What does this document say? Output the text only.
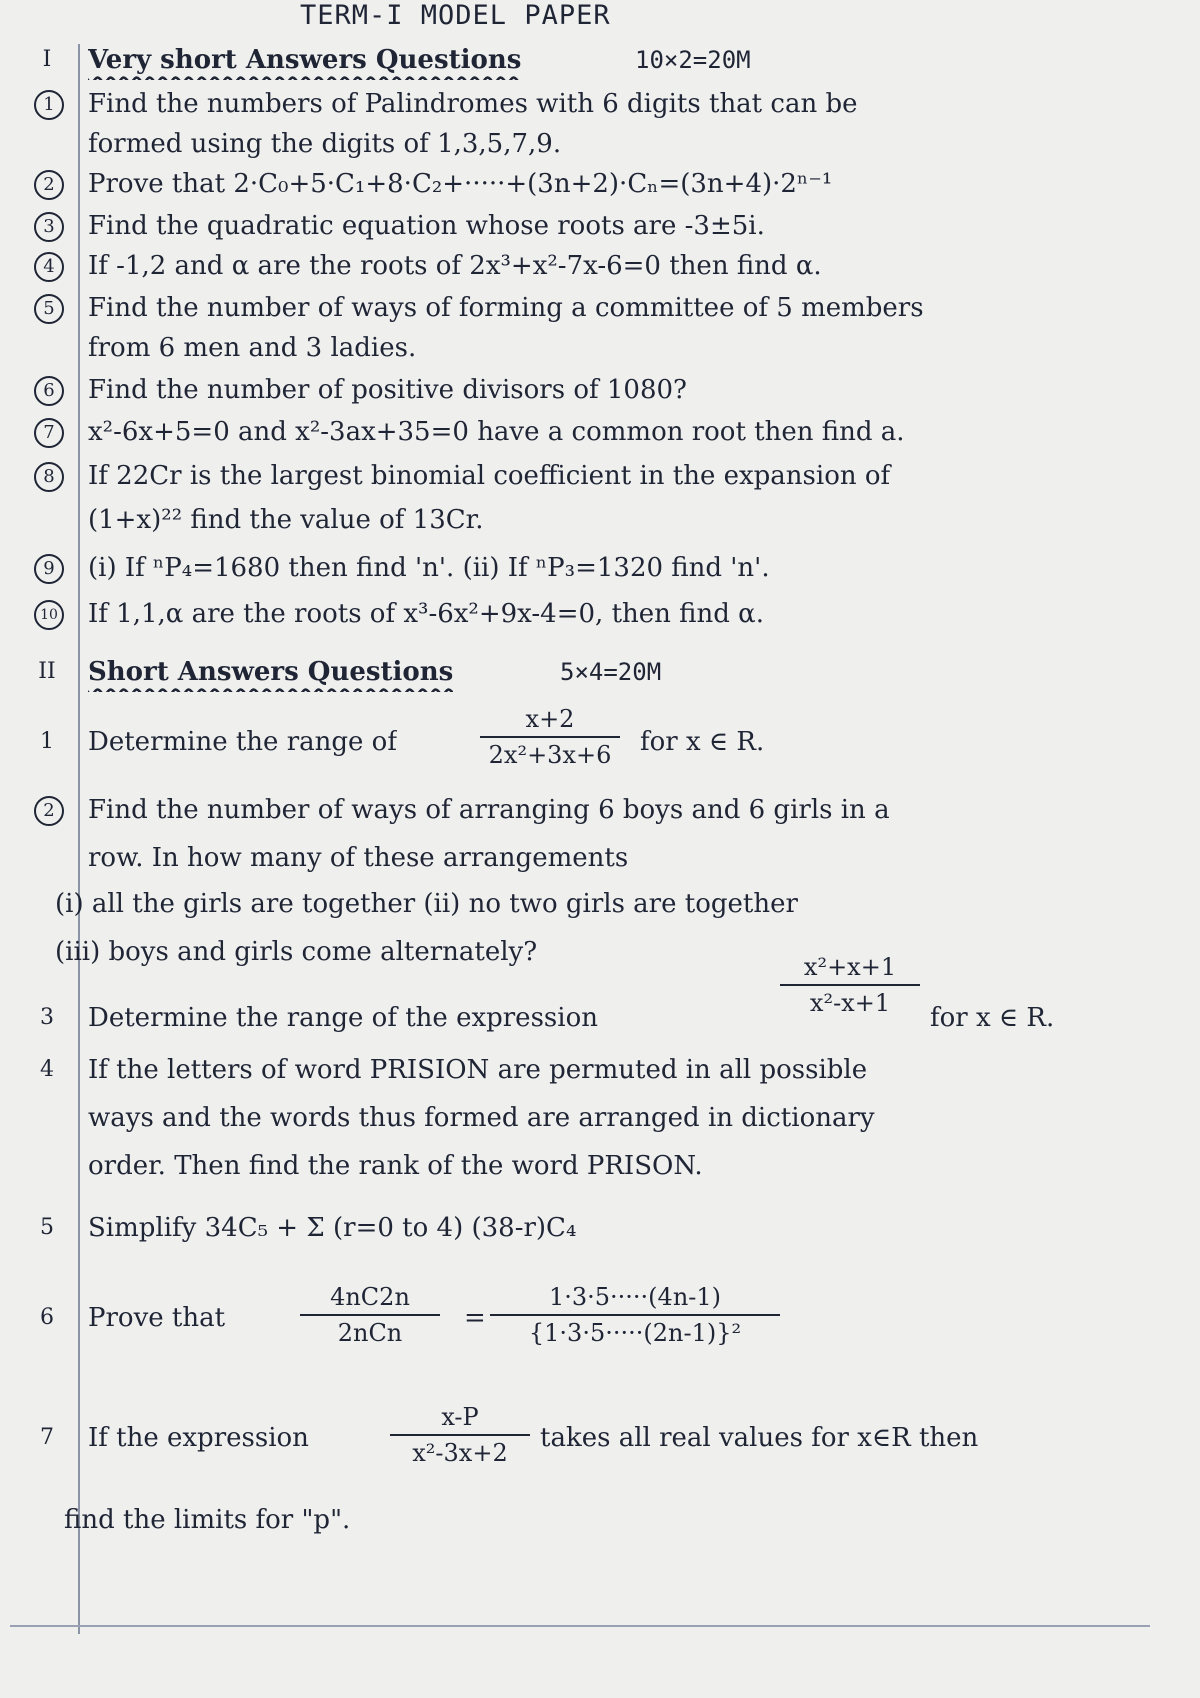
TERM-I MODEL PAPER
I	Very short Answers Questions	10×2=20M
1	Find the numbers of Palindromes with 6 digits that can be
formed using the digits of 1,3,5,7,9.
2	Prove that 2·C₀+5·C₁+8·C₂+·····+(3n+2)·Cₙ=(3n+4)·2ⁿ⁻¹
3	Find the quadratic equation whose roots are -3±5i.
4	If -1,2 and α are the roots of 2x³+x²-7x-6=0 then find α.
5	Find the number of ways of forming a committee of 5 members
from 6 men and 3 ladies.
6	Find the number of positive divisors of 1080?
7	x²-6x+5=0 and x²-3ax+35=0 have a common root then find a.
8	If 22Cr is the largest binomial coefficient in the expansion of
(1+x)²² find the value of 13Cr.
9	(i) If ⁿP₄=1680 then find 'n'. (ii) If ⁿP₃=1320 find 'n'.
10 If 1,1,α are the roots of x³-6x²+9x-4=0, then find α.
II	Short Answers Questions	5×4=20M
1	Determine the range of	for x ∈ R.
$\frac{x+2}{\text{2x²+3x+6}}$
2	Find the number of ways of arranging 6 boys and 6 girls in a
row. In how many of these arrangements
(i) all the girls are together (ii) no two girls are together
(iii) boys and girls come alternately?
3	Determine the range of the expression	for x ∈ R.
$\frac{\text{x²+x+1}}{\text{x²-x+1}}$
4	If the letters of word PRISION are permuted in all possible
ways and the words thus formed are arranged in dictionary
order. Then find the rank of the word PRISON.
5	Simplify 34C₅ + Σ (r=0 to 4) (38-r)C₄
6	Prove that	=
4nC2n
2nCn	$\frac{1\cdot 3\cdot 5\cdot\cdot\cdot\cdot\cdot(4n-1)}{\text{\{1·3·5·····(2n-1)\}²}}$
7	If the expression	takes all real values for x∈R then
$\frac{x-P}{\text{x²-3x+2}}$
find the limits for "p".
